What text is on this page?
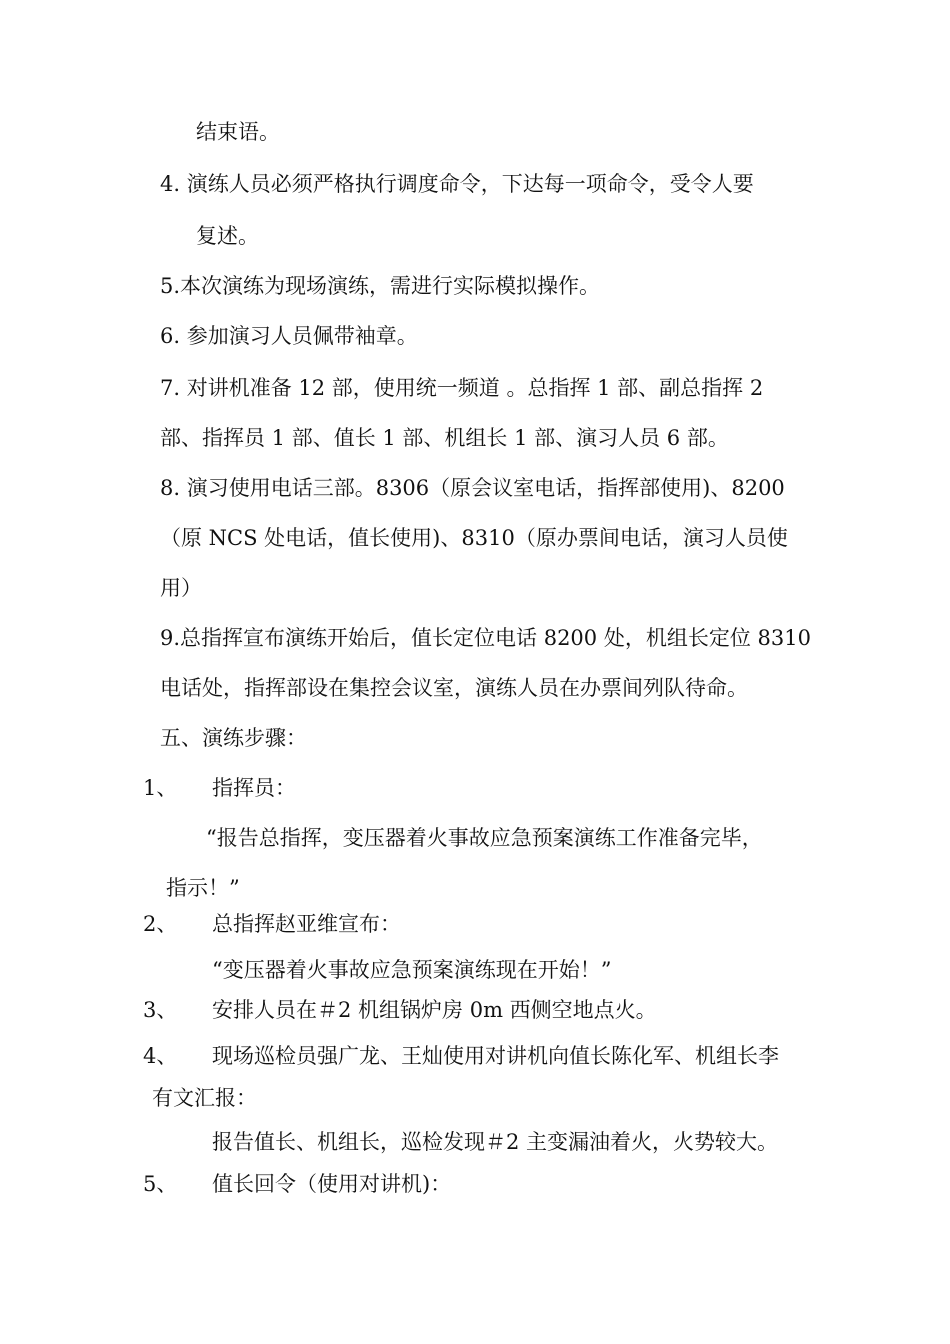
结束语。
4. 演练人员必须严格执行调度命令，下达每一项命令，受令人要
复述。
5.本次演练为现场演练，需进行实际模拟操作。
6. 参加演习人员佩带袖章。
7. 对讲机准备 12 部，使用统一频道 。总指挥 1 部、副总指挥 2
部、指挥员 1 部、值长 1 部、机组长 1 部、演习人员 6 部。
8. 演习使用电话三部。8306（原会议室电话，指挥部使用)、8200
（原 NCS 处电话，值长使用)、8310（原办票间电话，演习人员使
用）
9.总指挥宣布演练开始后，值长定位电话 8200 处，机组长定位 8310
电话处，指挥部设在集控会议室，演练人员在办票间列队待命。
五、演练步骤：
1、 指挥员：
“报告总指挥，变压器着火事故应急预案演练工作准备完毕，
指示！”
2、 总指挥赵亚维宣布：
“变压器着火事故应急预案演练现在开始！”
3、 安排人员在＃2 机组锅炉房 0m 西侧空地点火。
4、 现场巡检员强广龙、王灿使用对讲机向值长陈化军、机组长李
有文汇报：
报告值长、机组长，巡检发现＃2 主变漏油着火，火势较大。
5、 值长回令（使用对讲机)：
